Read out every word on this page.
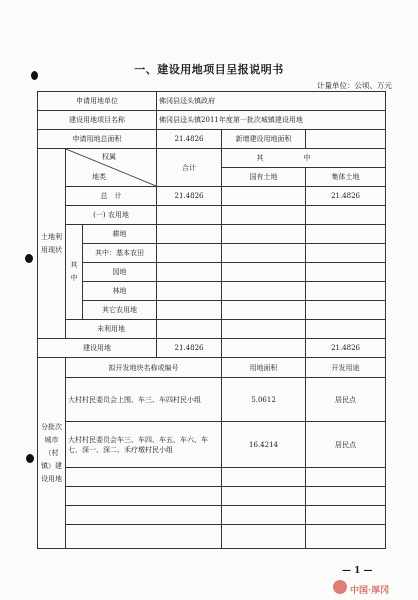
一、建设用地项目呈报说明书
计量单位：公顷、万元
申请用地单位			佛冈县迳头镇政府		
建设用地项目名称			佛冈县迳头镇2011年度第一批次城镇建设用地		
申请用地总面积			21.4826	新增建设用地面积	
土地利用现状	权属
地类		合计	其中	
				国有土地	集体土地
	总　计		21.4826		21.4826
	(一) 农用地				
	其中	耕地			
		其中：基本农田			
		园地			
		林地			
		其它农用地			
	未利用地				
建设用地			21.4826		21.4826
分批次城市（村镇）建设用地	拟开发地块名称或编号			用地面积	开发用途
	大村村民委员会上围、车三、车四村民小组			5.0612	居民点
	大村村民委员会车三、车四、车五、车六、车七、深一、深二、禾疗墩村民小组			16.4214	居民点

— 1 —
中国·厚冈
